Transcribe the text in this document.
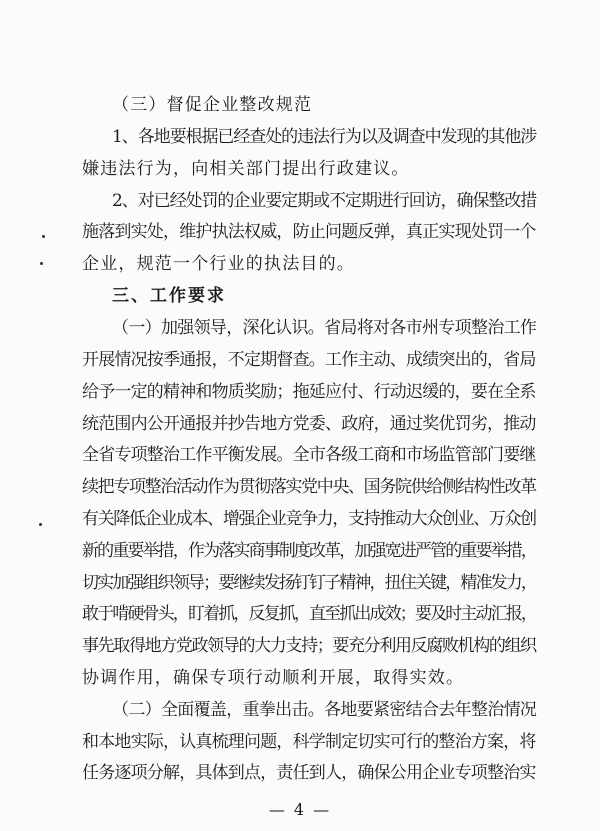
（三）督促企业整改规范
1、各地要根据已经查处的违法行为以及调查中发现的其他涉
嫌违法行为，向相关部门提出行政建议。
2、对已经处罚的企业要定期或不定期进行回访，确保整改措
施落到实处，维护执法权威，防止问题反弹，真正实现处罚一个
企业，规范一个行业的执法目的。
三、工作要求
（一）加强领导，深化认识。省局将对各市州专项整治工作
开展情况按季通报，不定期督查。工作主动、成绩突出的，省局
给予一定的精神和物质奖励；拖延应付、行动迟缓的，要在全系
统范围内公开通报并抄告地方党委、政府，通过奖优罚劣，推动
全省专项整治工作平衡发展。全市各级工商和市场监管部门要继
续把专项整治活动作为贯彻落实党中央、国务院供给侧结构性改革
有关降低企业成本、增强企业竞争力，支持推动大众创业、万众创
新的重要举措，作为落实商事制度改革，加强宽进严管的重要举措，
切实加强组织领导；要继续发扬钉钉子精神，扭住关键，精准发力，
敢于啃硬骨头，盯着抓，反复抓，直至抓出成效；要及时主动汇报，
事先取得地方党政领导的大力支持；要充分利用反腐败机构的组织
协调作用，确保专项行动顺利开展，取得实效。
（二）全面覆盖，重拳出击。各地要紧密结合去年整治情况
和本地实际，认真梳理问题，科学制定切实可行的整治方案，将
任务逐项分解，具体到点，责任到人，确保公用企业专项整治实
— 4 —
